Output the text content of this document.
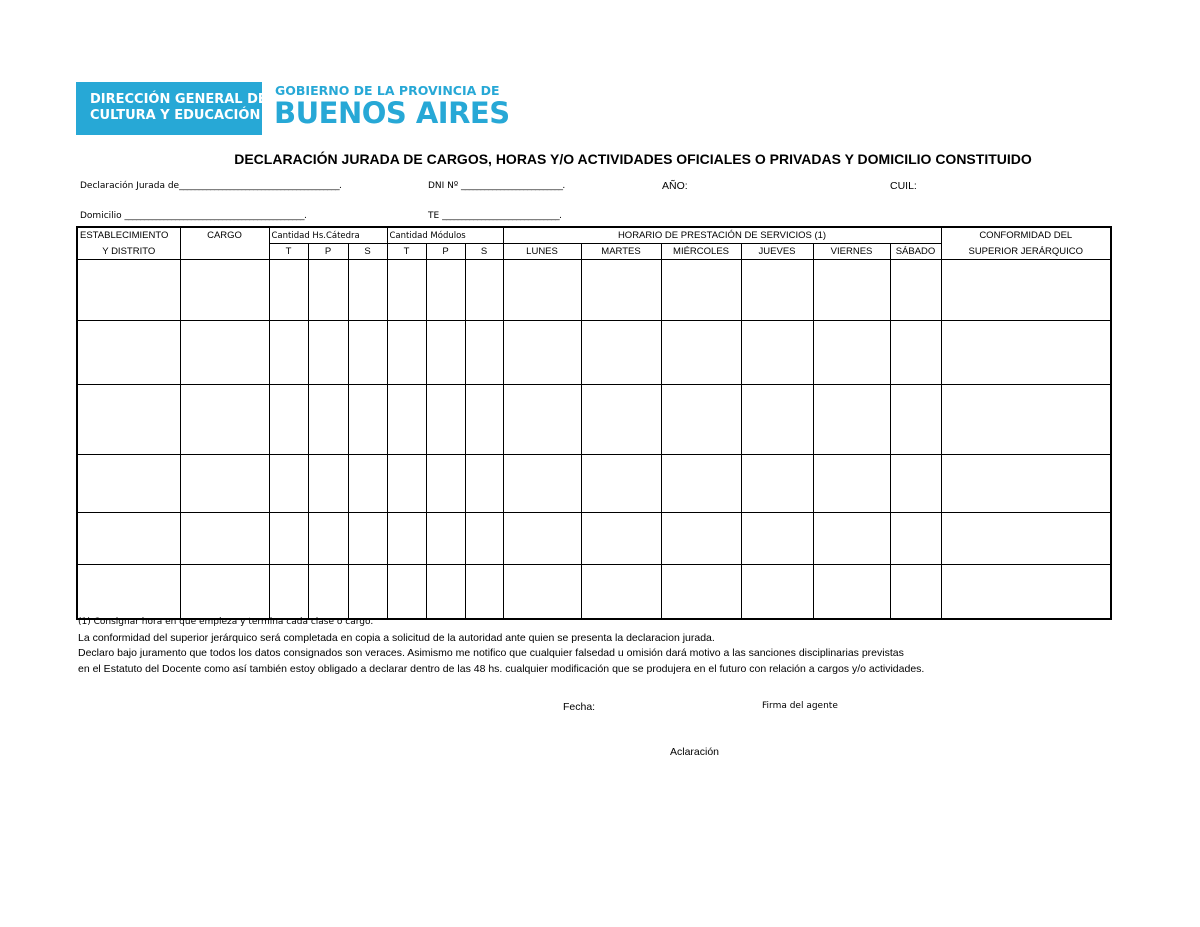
DIRECCIÓN GENERAL DE
CULTURA Y EDUCACIÓN
GOBIERNO DE LA PROVINCIA DE
BUENOS AIRES
DECLARACIÓN JURADA DE CARGOS, HORAS Y/O ACTIVIDADES OFICIALES O PRIVADAS Y DOMICILIO CONSTITUIDO
Declaración Jurada de_________________________________________.	DNI Nº __________________________.	AÑO:	CUIL:
Domicilio ______________________________________________.	TE ______________________________.
ESTABLECIMIENTO	CARGO	Cantidad Hs.Cátedra			Cantidad Módulos			HORARIO DE PRESTACIÓN DE SERVICIOS (1)						CONFORMIDAD DEL
Y DISTRITO		T	P	S	T	P	S	LUNES	MARTES	MIÉRCOLES	JUEVES	VIERNES	SÁBADO	SUPERIOR JERÁRQUICO

(1) Consignar hora en que empieza y termina cada clase o cargo.
La conformidad del superior jerárquico será completada en copia a solicitud de la autoridad ante quien se presenta la declaracion jurada.
Declaro bajo juramento que todos los datos consignados son veraces. Asimismo me notifico que cualquier falsedad u omisión dará motivo a las sanciones disciplinarias previstas
en el Estatuto del Docente como así también estoy obligado a declarar dentro de las 48 hs. cualquier modificación que se produjera en el futuro con relación a cargos y/o actividades.
Fecha:	Firma del agente
Aclaración
